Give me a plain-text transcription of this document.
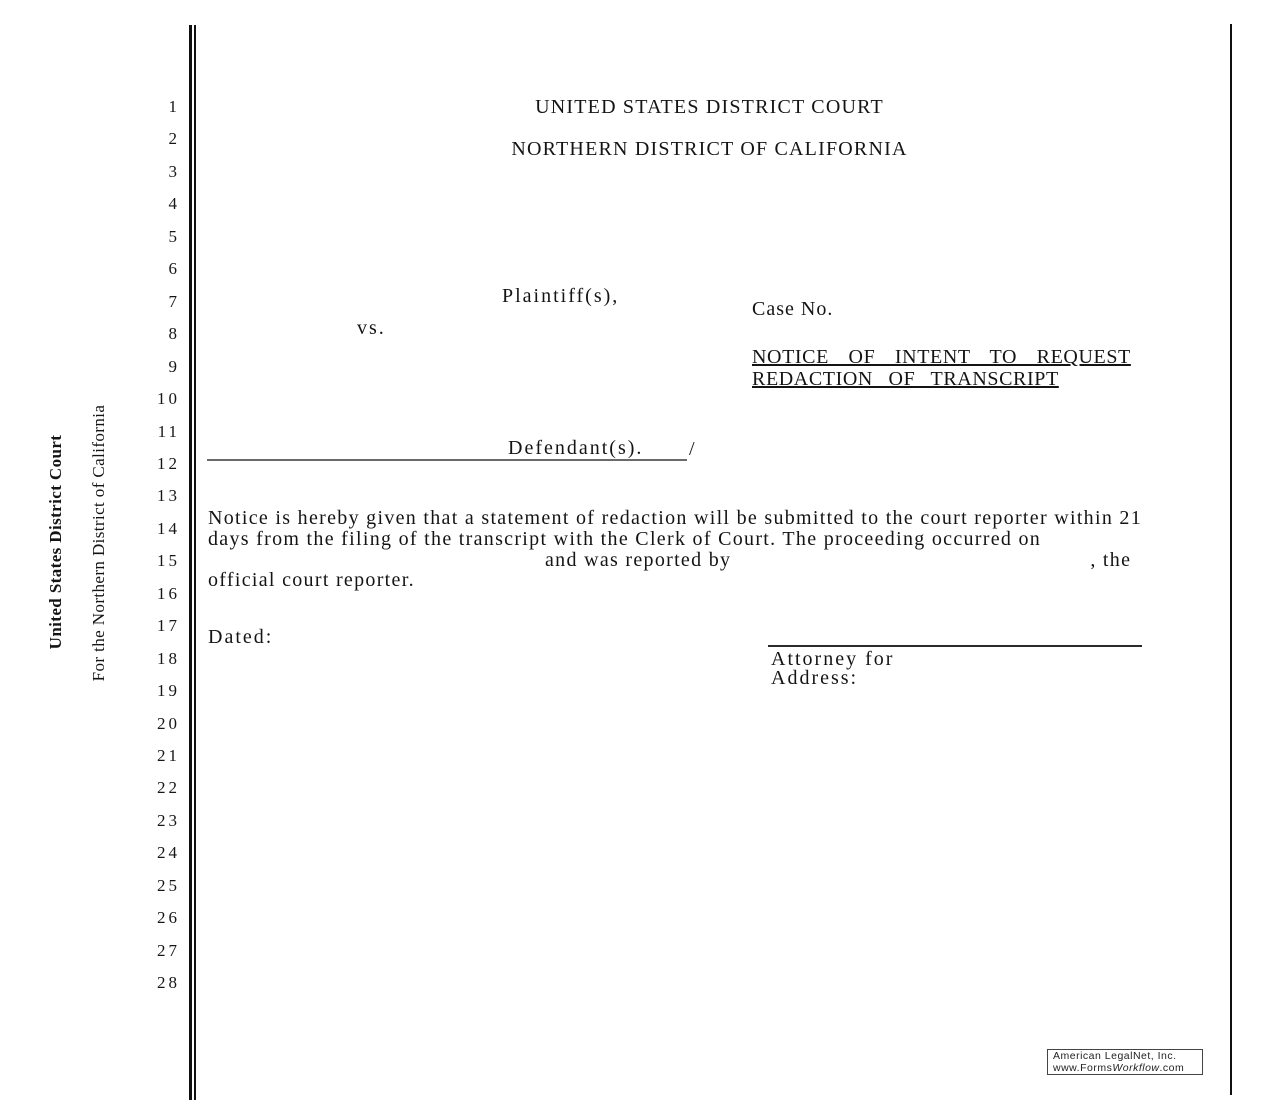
1
2
3
4
5
6
7
8
9
10
11
12
13
14
15
16
17
18
19
20
21
22
23
24
25
26
27
28
United States District Court For the Northern District of California
UNITED STATES DISTRICT COURT
NORTHERN DISTRICT OF CALIFORNIA
Plaintiff(s),
vs.
Case No.
NOTICE OF INTENT TO REQUEST
REDACTION OF TRANSCRIPT
Defendant(s). /
Notice is hereby given that a statement of redaction will be submitted to the court reporter within 21
days from the filing of the transcript with the Clerk of Court. The proceeding occurred on
and was reported by	, the
official court reporter.
Dated:
Attorney for
Address:
American LegalNet, Inc.
www.FormsWorkflow.com
